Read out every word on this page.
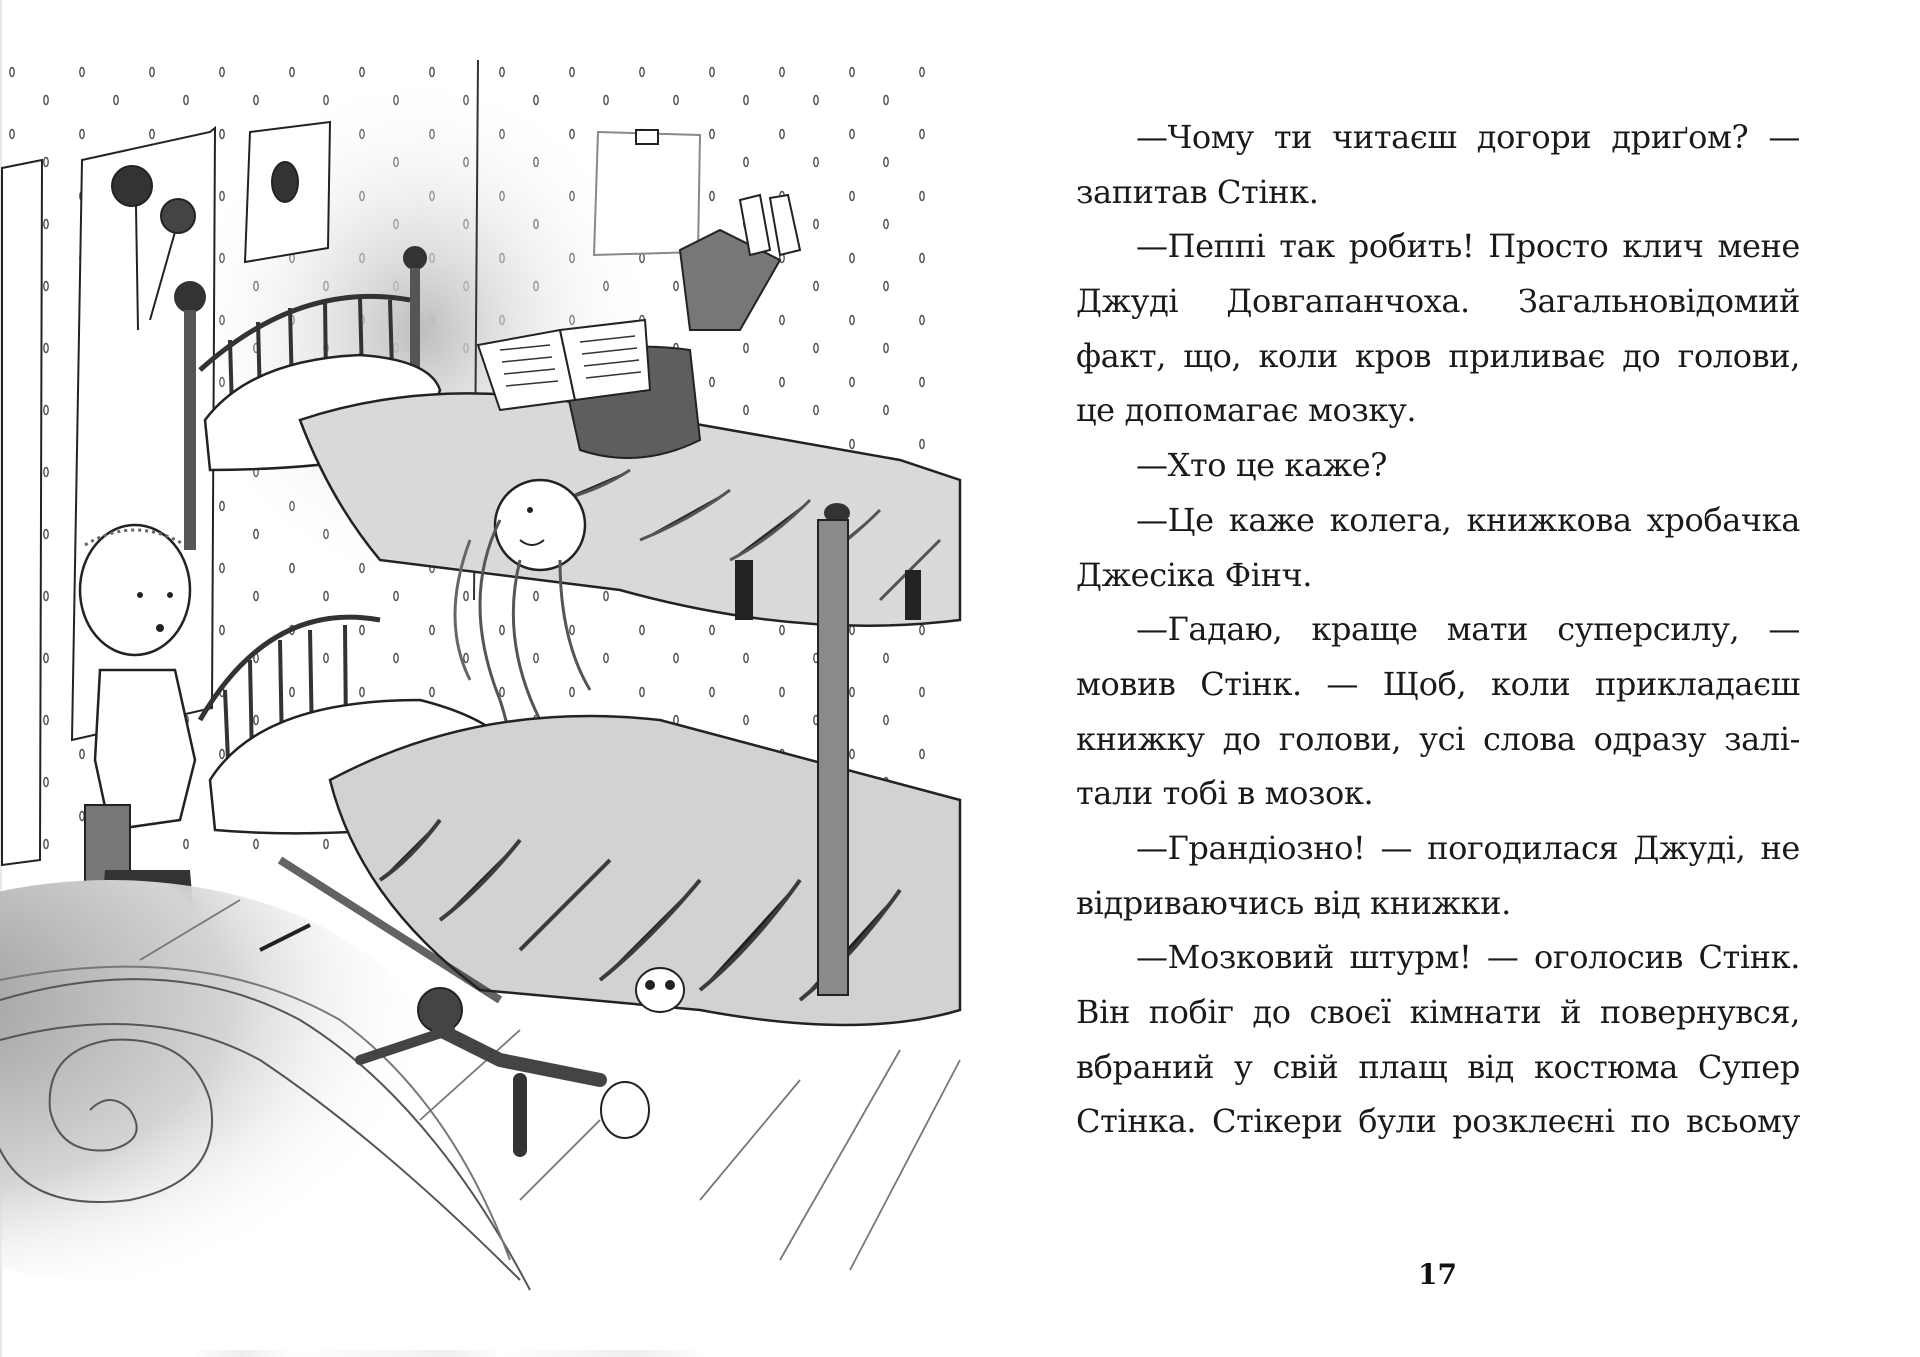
—Чому ти читаєш догори дриґом? —
запитав Стінк.
—Пеппі так робить! Просто клич мене
Джуді Довгапанчоха. Загальновідомий
факт, що, коли кров приливає до голови,
це допомагає мозку.
—Хто це каже?
—Це каже колега, книжкова хробачка
Джесіка Фінч.
—Гадаю, краще мати суперсилу, —
мовив Стінк. — Щоб, коли прикладаєш
книжку до голови, усі слова одразу залі-
тали тобі в мозок.
—Грандіозно! — погодилася Джуді, не
відриваючись від книжки.
—Мозковий штурм! — оголосив Стінк.
Він побіг до своєї кімнати й повернувся,
вбраний у свій плащ від костюма Супер
Стінка. Стікери були розклеєні по всьому
17
